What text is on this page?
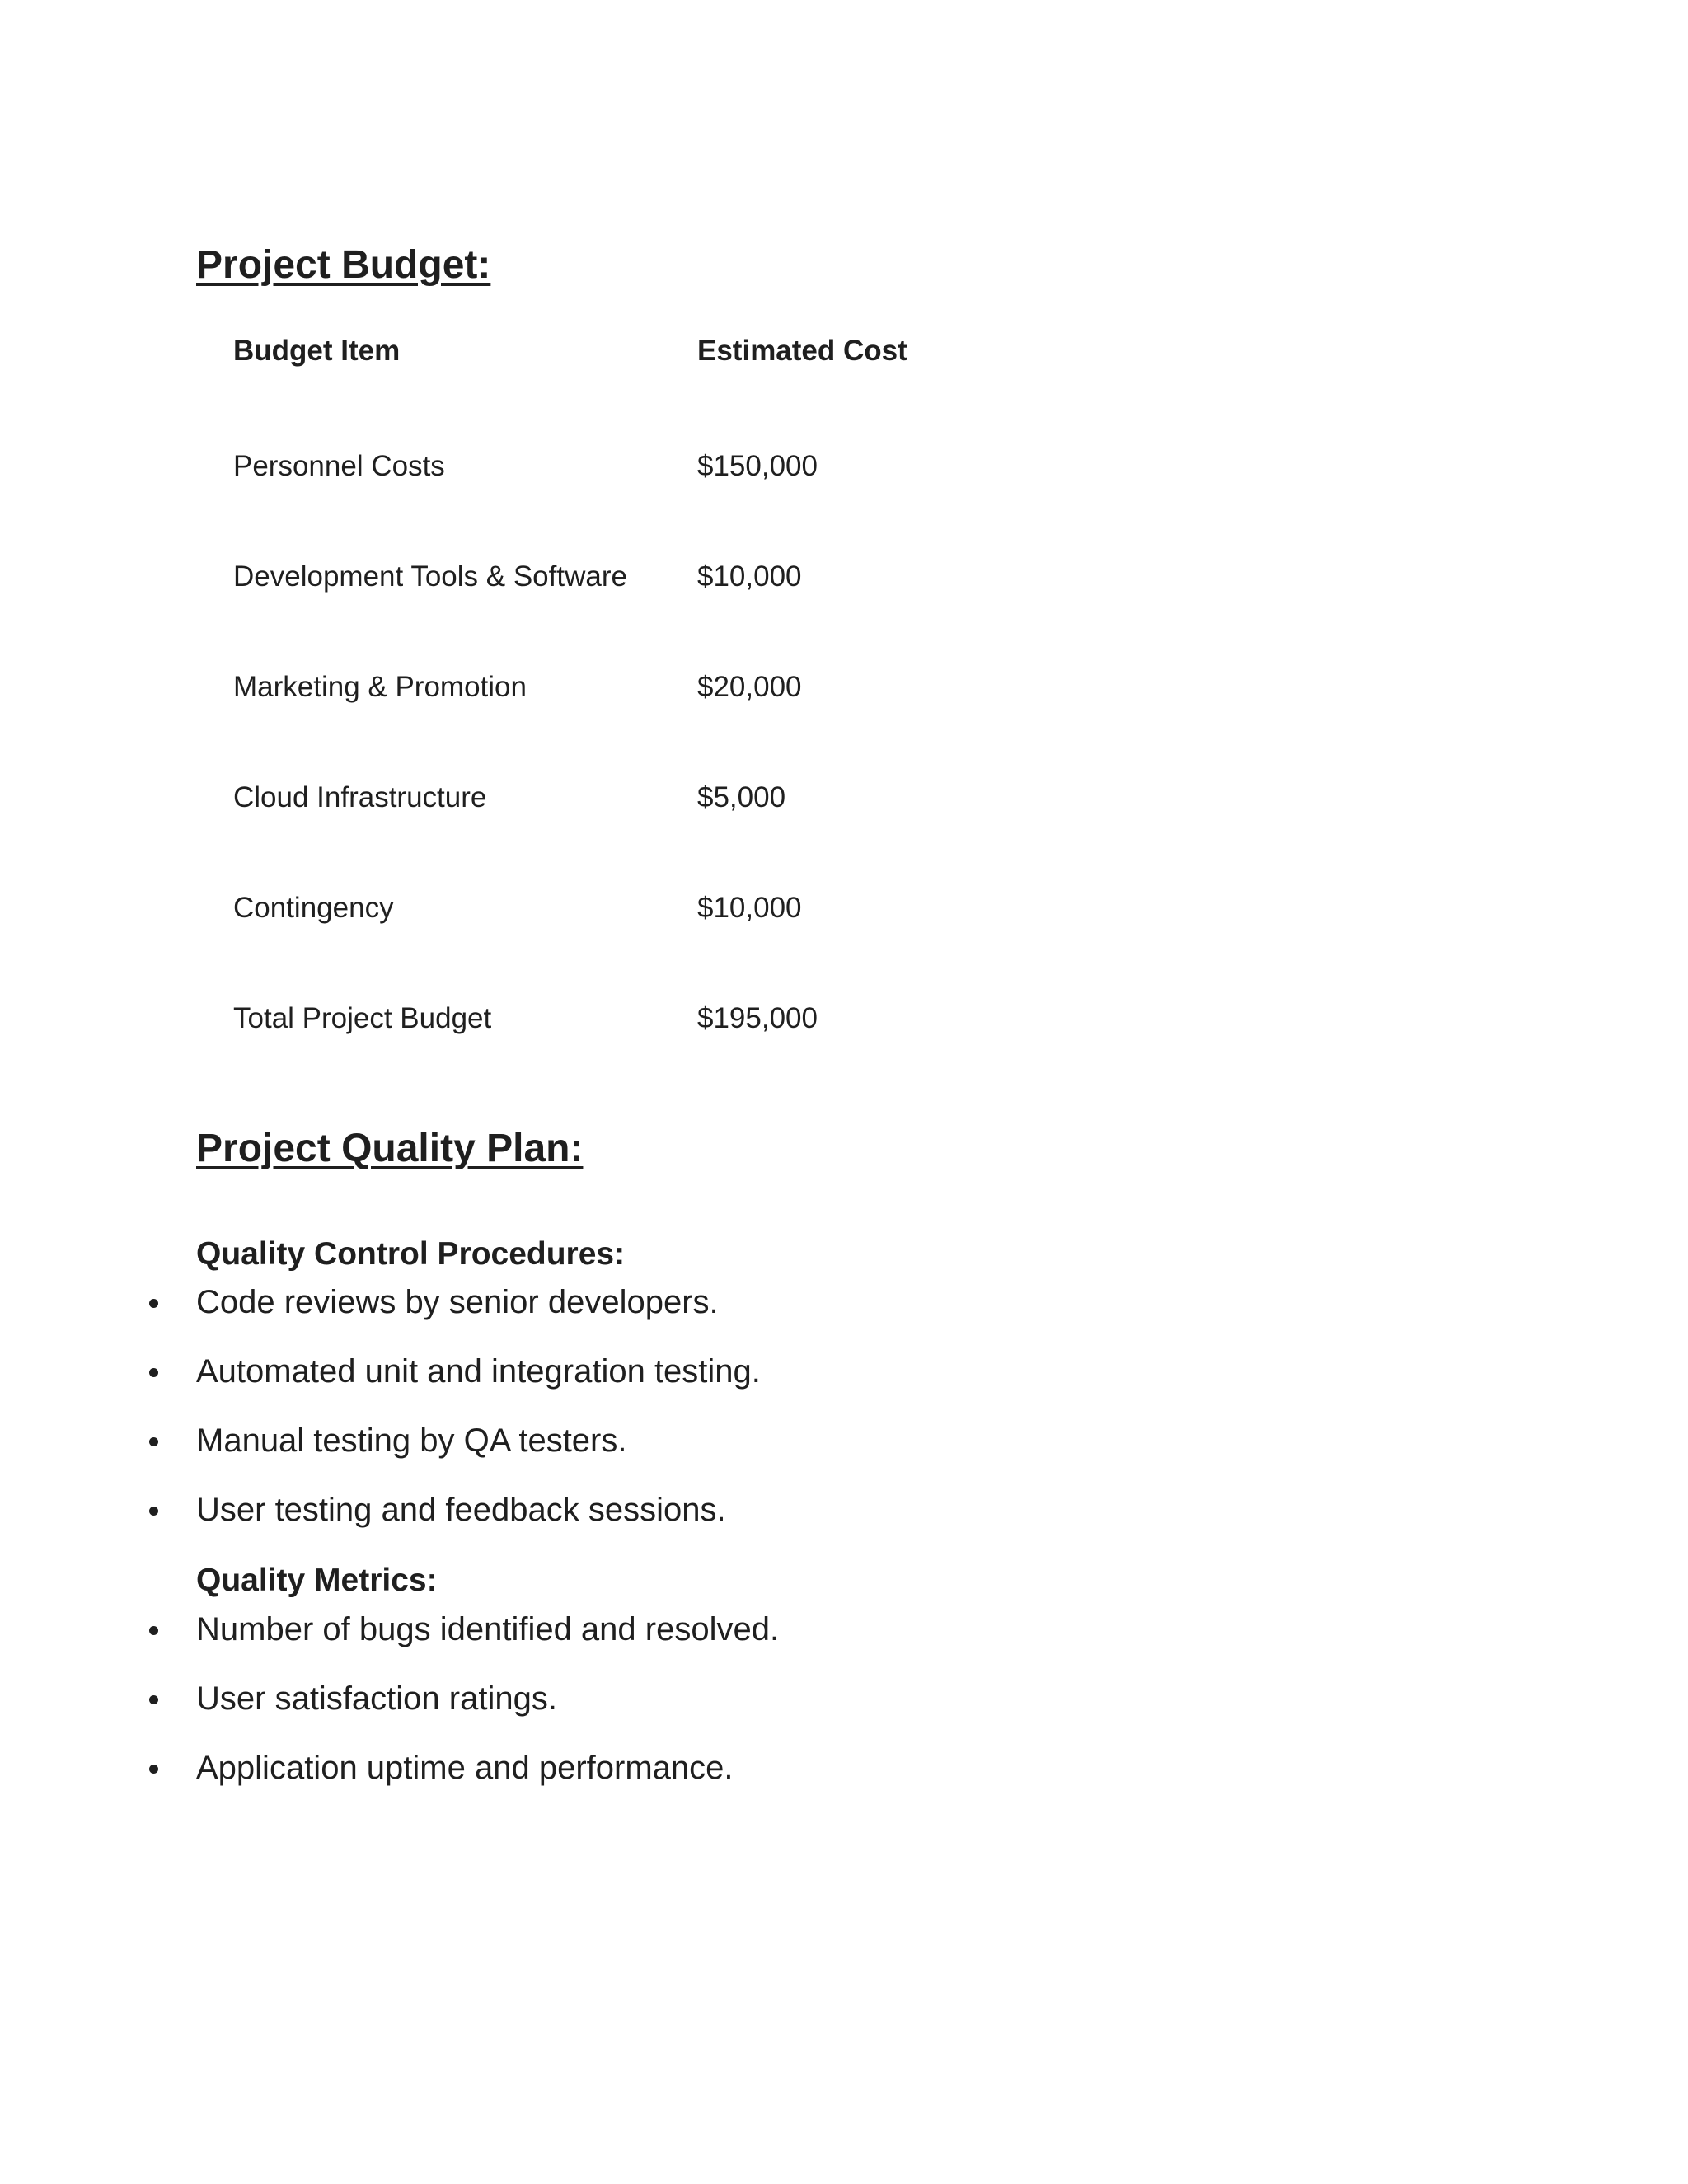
Project Budget:
Budget Item	Estimated Cost
Personnel Costs	$150,000
Development Tools & Software	$10,000
Marketing & Promotion	$20,000
Cloud Infrastructure	$5,000
Contingency	$10,000
Total Project Budget	$195,000
Project Quality Plan:
Quality Control Procedures:
Code reviews by senior developers.
Automated unit and integration testing.
Manual testing by QA testers.
User testing and feedback sessions.
Quality Metrics:
Number of bugs identified and resolved.
User satisfaction ratings.
Application uptime and performance.
